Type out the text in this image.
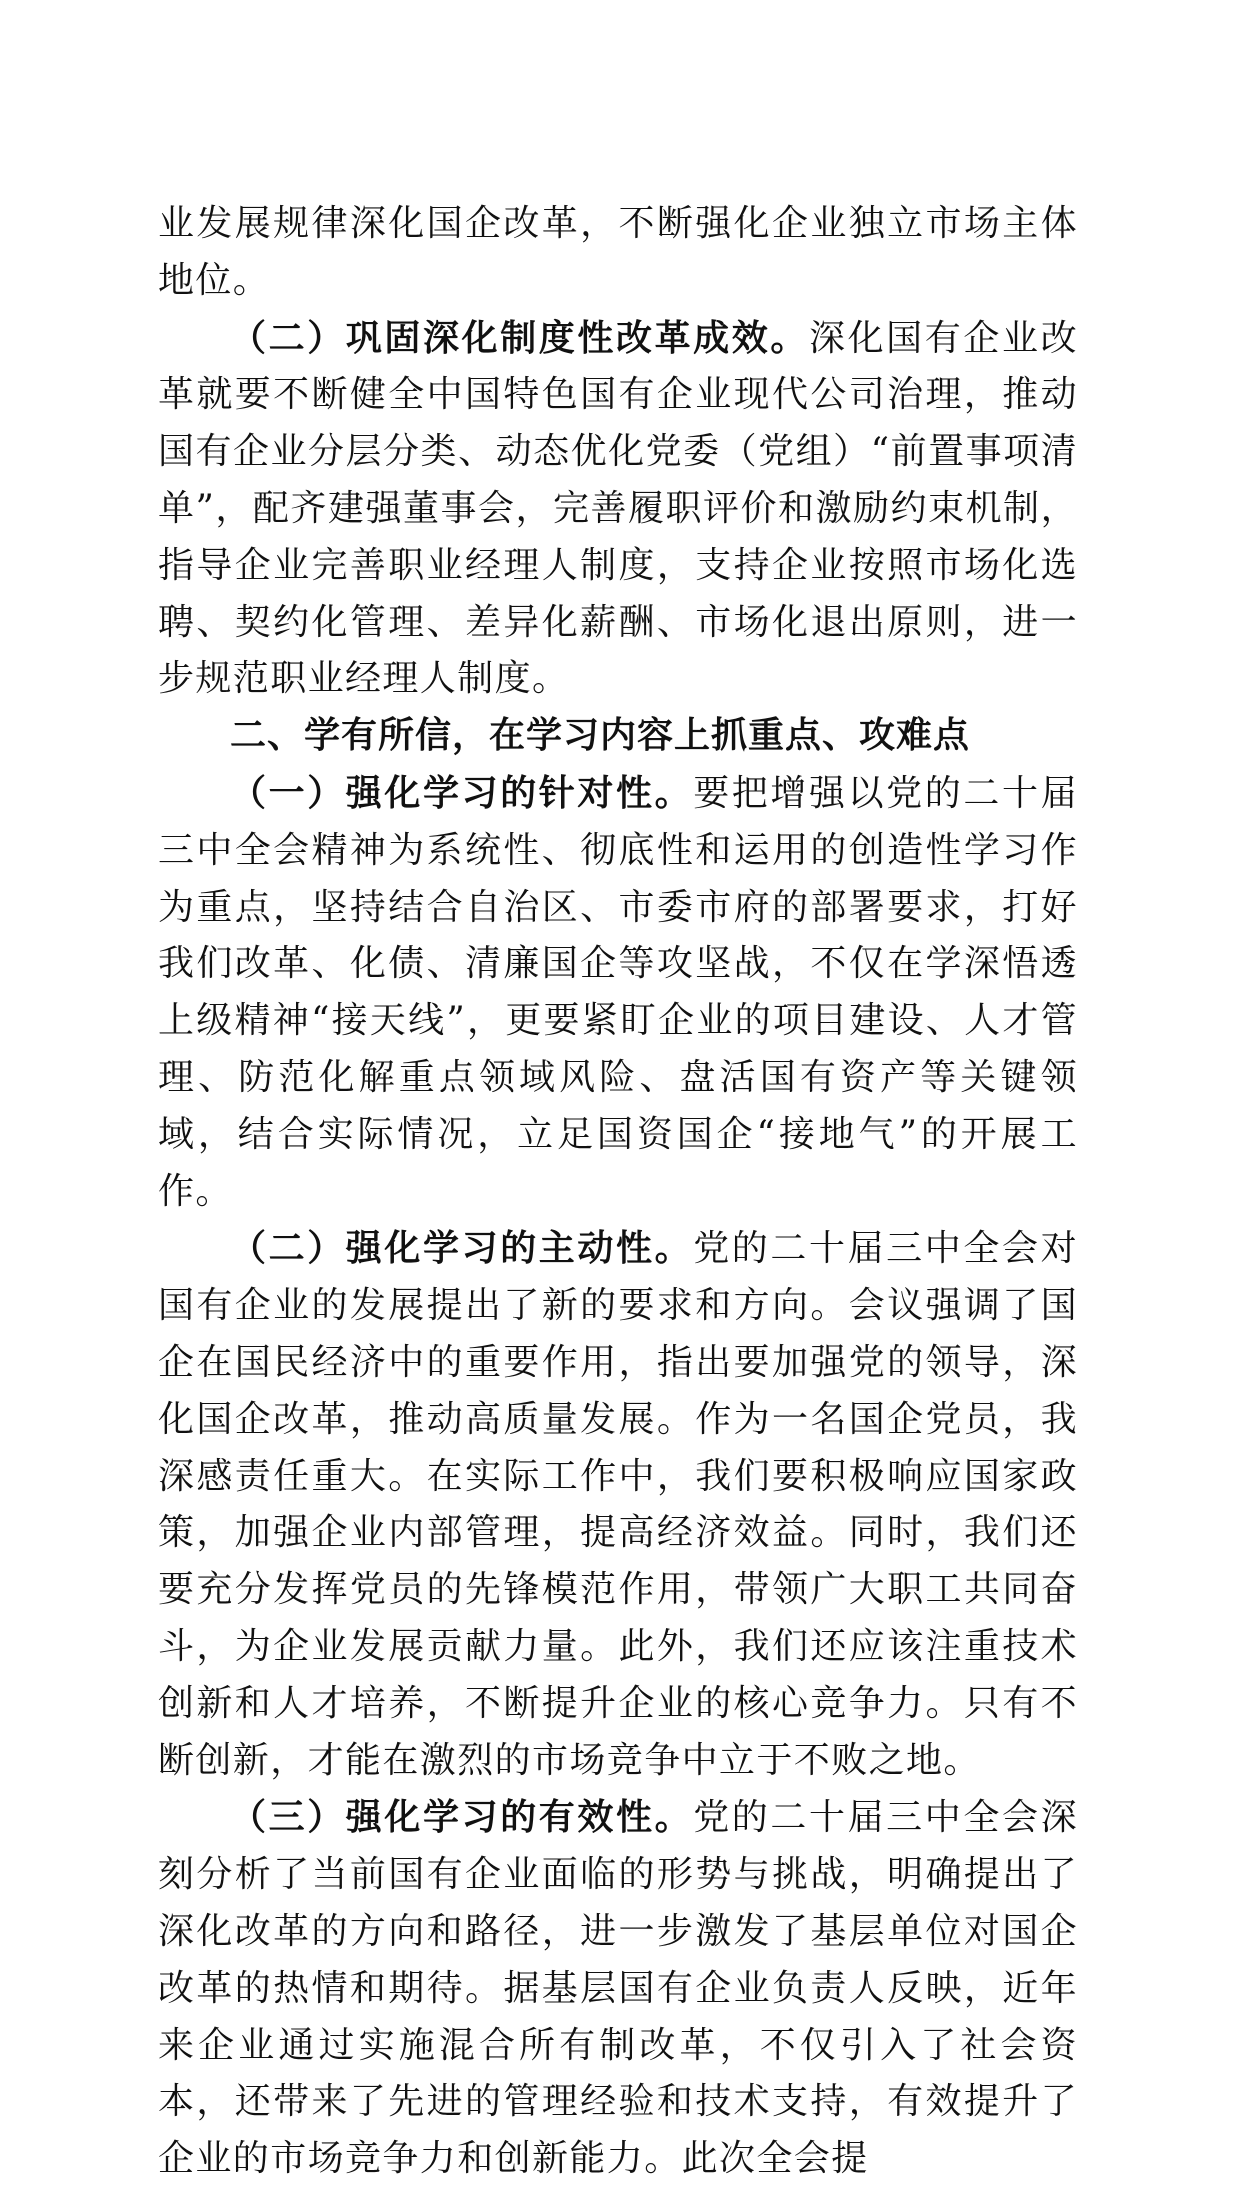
业发展规律深化国企改革，不断强化企业独立市场主体地位。

（二）巩固深化制度性改革成效。深化国有企业改革就要不断健全中国特色国有企业现代公司治理，推动国有企业分层分类、动态优化党委（党组）“前置事项清单”，配齐建强董事会，完善履职评价和激励约束机制，指导企业完善职业经理人制度，支持企业按照市场化选聘、契约化管理、差异化薪酬、市场化退出原则，进一步规范职业经理人制度。

二、学有所信，在学习内容上抓重点、攻难点

（一）强化学习的针对性。要把增强以党的二十届三中全会精神为系统性、彻底性和运用的创造性学习作为重点，坚持结合自治区、市委市府的部署要求，打好我们改革、化债、清廉国企等攻坚战，不仅在学深悟透上级精神“接天线”，更要紧盯企业的项目建设、人才管理、防范化解重点领域风险、盘活国有资产等关键领域，结合实际情况，立足国资国企“接地气”的开展工作。

（二）强化学习的主动性。党的二十届三中全会对国有企业的发展提出了新的要求和方向。会议强调了国企在国民经济中的重要作用，指出要加强党的领导，深化国企改革，推动高质量发展。作为一名国企党员，我深感责任重大。在实际工作中，我们要积极响应国家政策，加强企业内部管理，提高经济效益。同时，我们还要充分发挥党员的先锋模范作用，带领广大职工共同奋斗，为企业发展贡献力量。此外，我们还应该注重技术创新和人才培养，不断提升企业的核心竞争力。只有不断创新，才能在激烈的市场竞争中立于不败之地。

（三）强化学习的有效性。党的二十届三中全会深刻分析了当前国有企业面临的形势与挑战，明确提出了深化改革的方向和路径，进一步激发了基层单位对国企改革的热情和期待。据基层国有企业负责人反映，近年来企业通过实施混合所有制改革，不仅引入了社会资本，还带来了先进的管理经验和技术支持，有效提升了企业的市场竞争力和创新能力。此次全会提
